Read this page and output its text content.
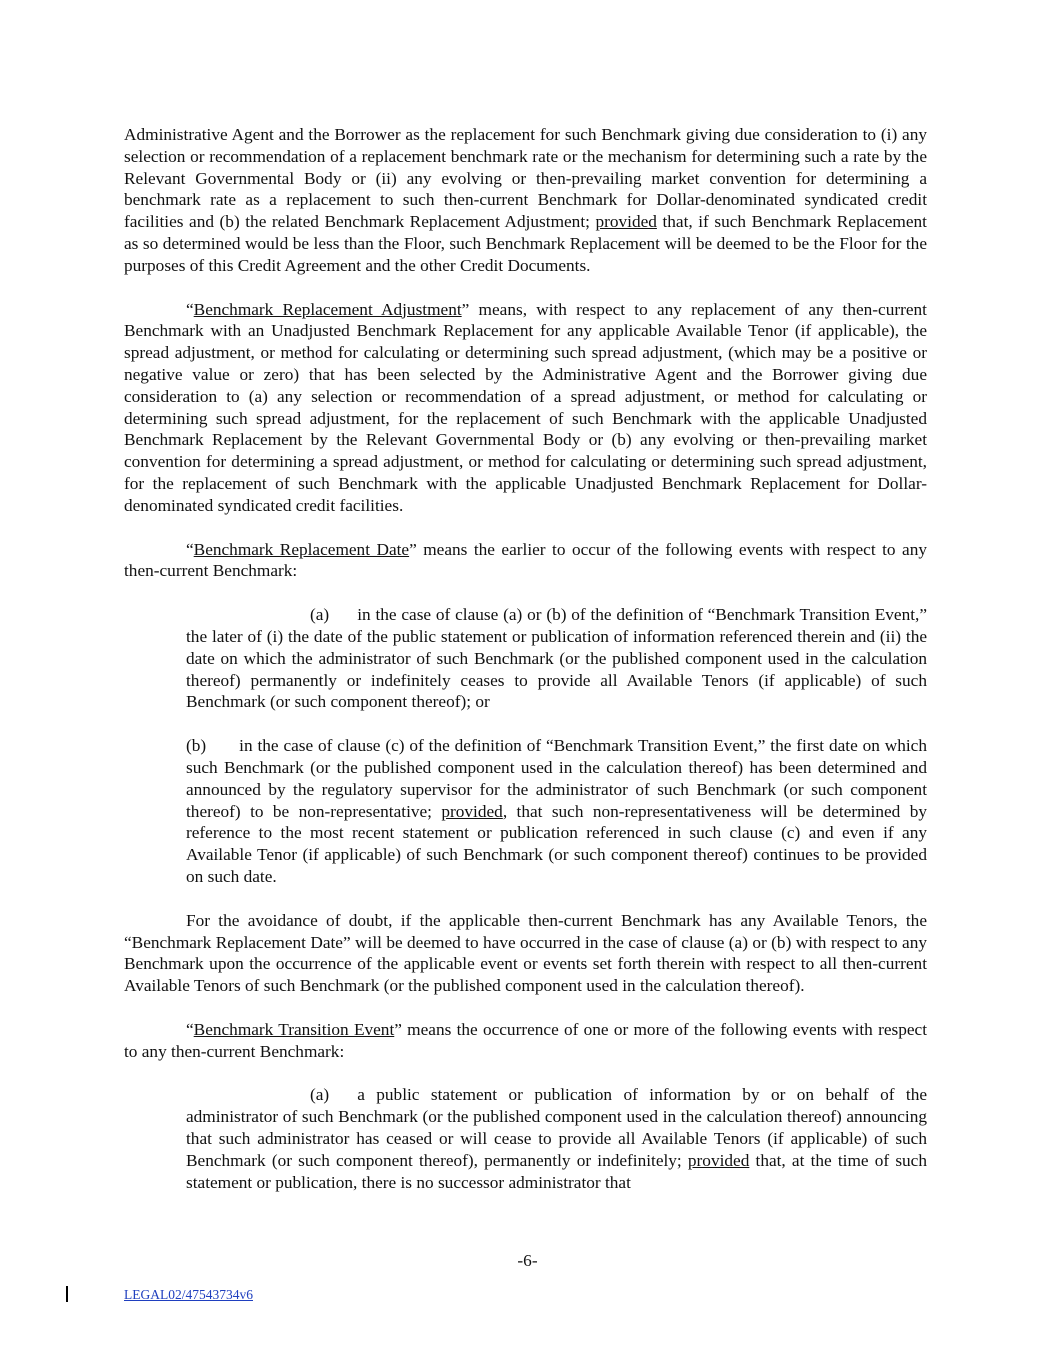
Administrative Agent and the Borrower as the replacement for such Benchmark giving due consideration to (i) any selection or recommendation of a replacement benchmark rate or the mechanism for determining such a rate by the Relevant Governmental Body or (ii) any evolving or then-prevailing market convention for determining a benchmark rate as a replacement to such then-current Benchmark for Dollar-denominated syndicated credit facilities and (b) the related Benchmark Replacement Adjustment; provided that, if such Benchmark Replacement as so determined would be less than the Floor, such Benchmark Replacement will be deemed to be the Floor for the purposes of this Credit Agreement and the other Credit Documents.

“Benchmark Replacement Adjustment” means, with respect to any replacement of any then-current Benchmark with an Unadjusted Benchmark Replacement for any applicable Available Tenor (if applicable), the spread adjustment, or method for calculating or determining such spread adjustment, (which may be a positive or negative value or zero) that has been selected by the Administrative Agent and the Borrower giving due consideration to (a) any selection or recommendation of a spread adjustment, or method for calculating or determining such spread adjustment, for the replacement of such Benchmark with the applicable Unadjusted Benchmark Replacement by the Relevant Governmental Body or (b) any evolving or then-prevailing market convention for determining a spread adjustment, or method for calculating or determining such spread adjustment, for the replacement of such Benchmark with the applicable Unadjusted Benchmark Replacement for Dollar-denominated syndicated credit facilities.

“Benchmark Replacement Date” means the earlier to occur of the following events with respect to any then-current Benchmark:

(a) in the case of clause (a) or (b) of the definition of “Benchmark Transition Event,” the later of (i) the date of the public statement or publication of information referenced therein and (ii) the date on which the administrator of such Benchmark (or the published component used in the calculation thereof) permanently or indefinitely ceases to provide all Available Tenors (if applicable) of such Benchmark (or such component thereof); or

(b) in the case of clause (c) of the definition of “Benchmark Transition Event,” the first date on which such Benchmark (or the published component used in the calculation thereof) has been determined and announced by the regulatory supervisor for the administrator of such Benchmark (or such component thereof) to be non-representative; provided, that such non-representativeness will be determined by reference to the most recent statement or publication referenced in such clause (c) and even if any Available Tenor (if applicable) of such Benchmark (or such component thereof) continues to be provided on such date.

For the avoidance of doubt, if the applicable then-current Benchmark has any Available Tenors, the “Benchmark Replacement Date” will be deemed to have occurred in the case of clause (a) or (b) with respect to any Benchmark upon the occurrence of the applicable event or events set forth therein with respect to all then-current Available Tenors of such Benchmark (or the published component used in the calculation thereof).

“Benchmark Transition Event” means the occurrence of one or more of the following events with respect to any then-current Benchmark:

(a) a public statement or publication of information by or on behalf of the administrator of such Benchmark (or the published component used in the calculation thereof) announcing that such administrator has ceased or will cease to provide all Available Tenors (if applicable) of such Benchmark (or such component thereof), permanently or indefinitely; provided that, at the time of such statement or publication, there is no successor administrator that

-6-
LEGAL02/47543734v6
